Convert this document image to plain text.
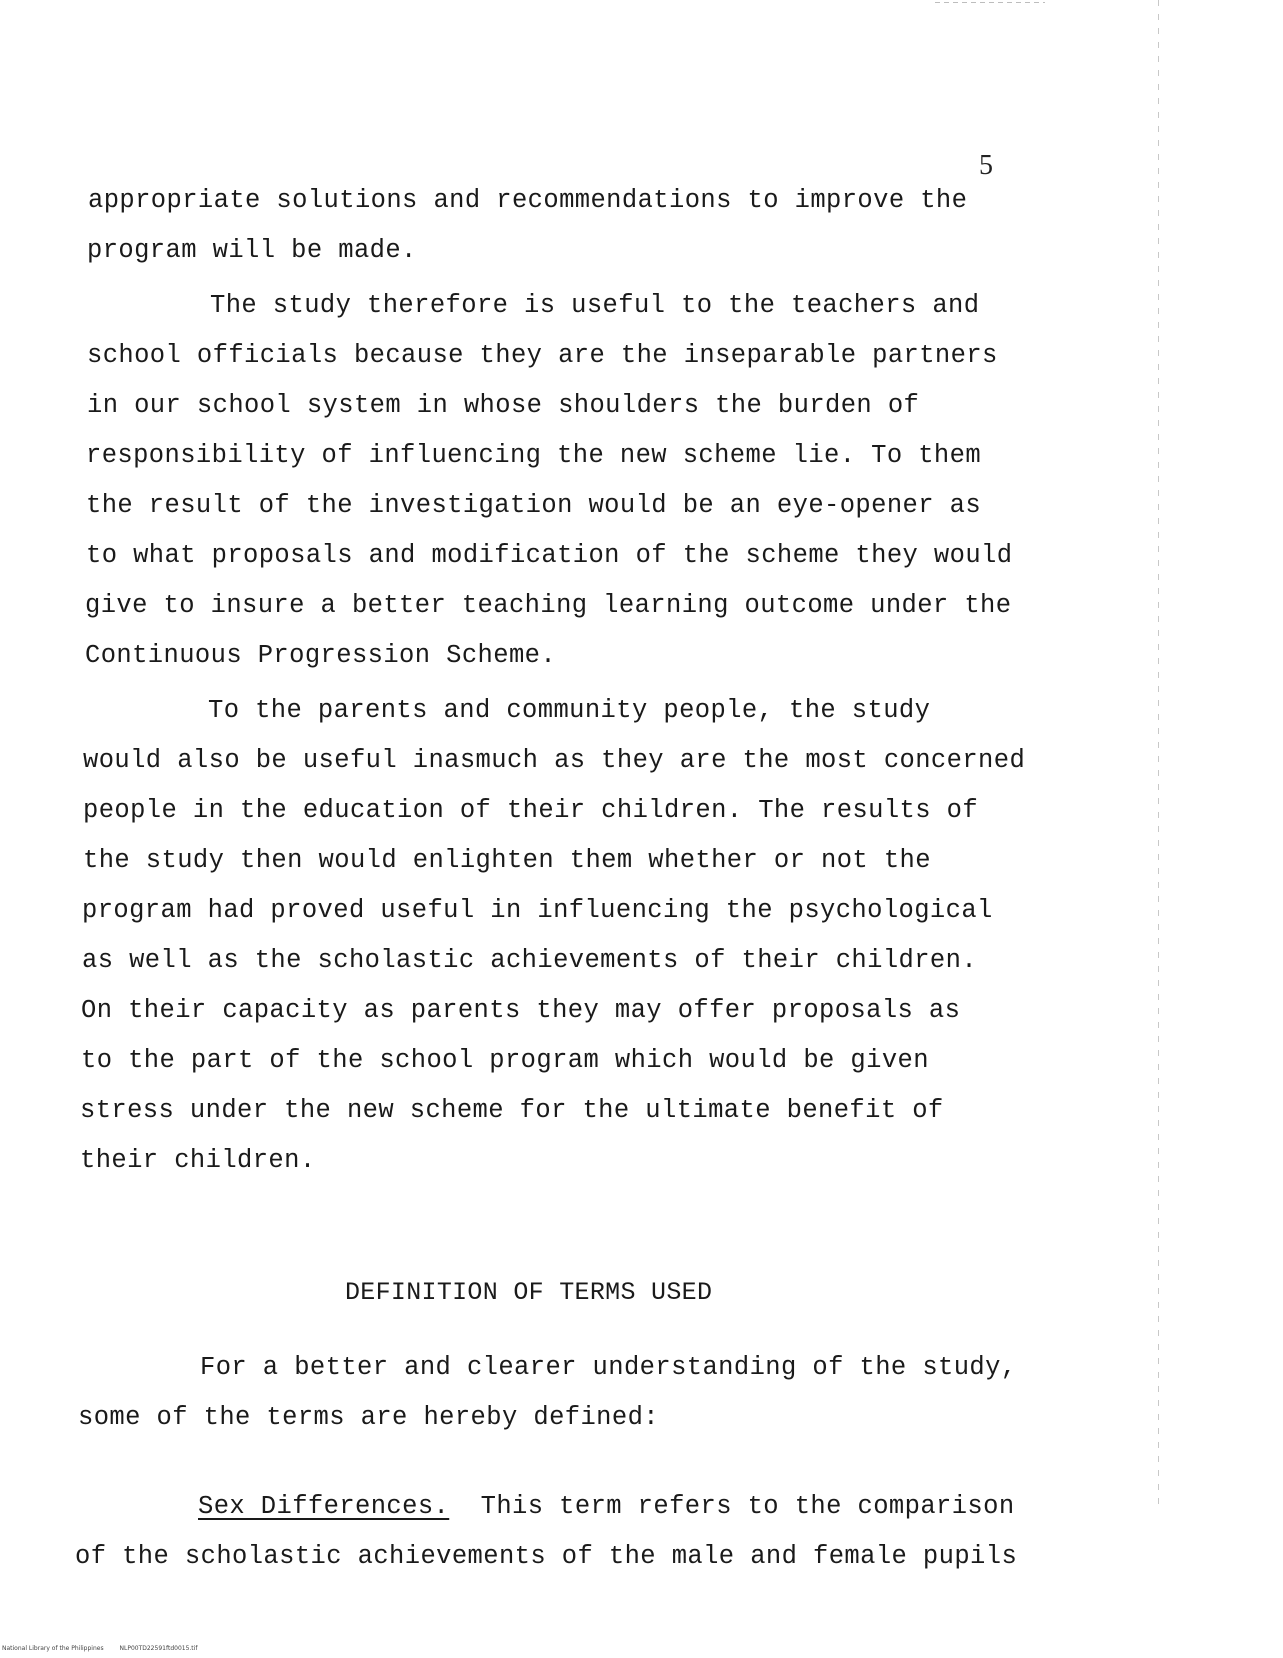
5
appropriate solutions and recommendations to improve the
program will be made.
The study therefore is useful to the teachers and
school officials because they are the inseparable partners
in our school system in whose shoulders the burden of
responsibility of influencing the new scheme lie. To them
the result of the investigation would be an eye-opener as
to what proposals and modification of the scheme they would
give to insure a better teaching learning outcome under the
Continuous Progression Scheme.
To the parents and community people, the study
would also be useful inasmuch as they are the most concerned
people in the education of their children. The results of
the study then would enlighten them whether or not the
program had proved useful in influencing the psychological
as well as the scholastic achievements of their children.
On their capacity as parents they may offer proposals as
to the part of the school program which would be given
stress under the new scheme for the ultimate benefit of
their children.
DEFINITION OF TERMS USED
For a better and clearer understanding of the study,
some of the terms are hereby defined:
Sex Differences.  This term refers to the comparison
of the scholastic achievements of the male and female pupils
National Library of the Philippines	NLP00TD22591ftd0015.tif
